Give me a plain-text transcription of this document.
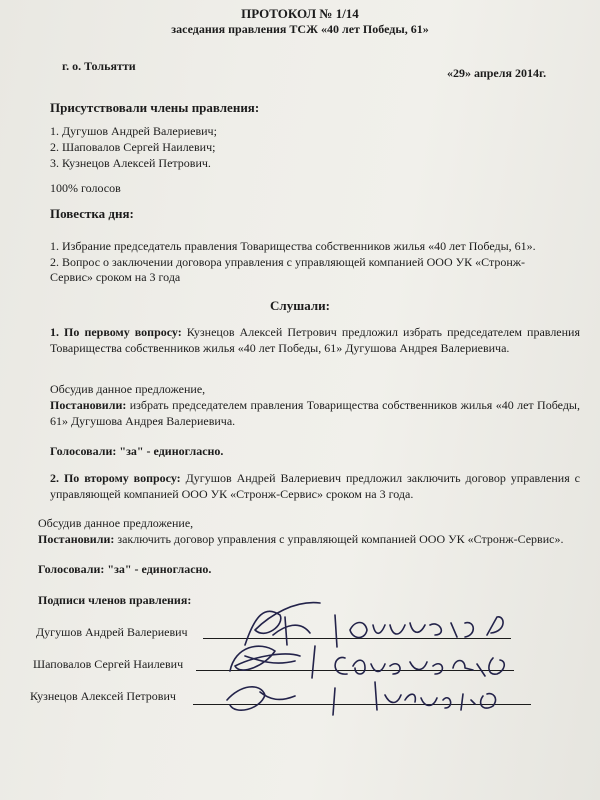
ПРОТОКОЛ № 1/14
заседания правления ТСЖ «40 лет Победы, 61»
г. о. Тольятти	«29» апреля 2014г.
Присутствовали члены правления:
1. Дугушов Андрей Валериевич;
2. Шаповалов Сергей Наилевич;
3. Кузнецов Алексей Петрович.
100% голосов
Повестка дня:
1. Избрание председатель правления Товарищества собственников жилья «40 лет Победы, 61».
2. Вопрос о заключении договора управления с управляющей компанией ООО УК «Стронж-
Сервис» сроком на 3 года
Слушали:
1. По первому вопросу: Кузнецов Алексей Петрович предложил избрать председателем правления Товарищества собственников жилья «40 лет Победы, 61» Дугушова Андрея Валериевича.
Обсудив данное предложение,
Постановили: избрать председателем правления Товарищества собственников жилья «40 лет Победы, 61» Дугушова Андрея Валериевича.
Голосовали: "за" - единогласно.
2. По второму вопросу: Дугушов Андрей Валериевич предложил заключить договор управления с управляющей компанией ООО УК «Стронж-Сервис» сроком на 3 года.
Обсудив данное предложение,
Постановили: заключить договор управления с управляющей компанией ООО УК «Стронж-Сервис».
Голосовали: "за" - единогласно.
Подписи членов правления:
Дугушов Андрей Валериевич
Шаповалов Сергей Наилевич
Кузнецов Алексей Петрович
